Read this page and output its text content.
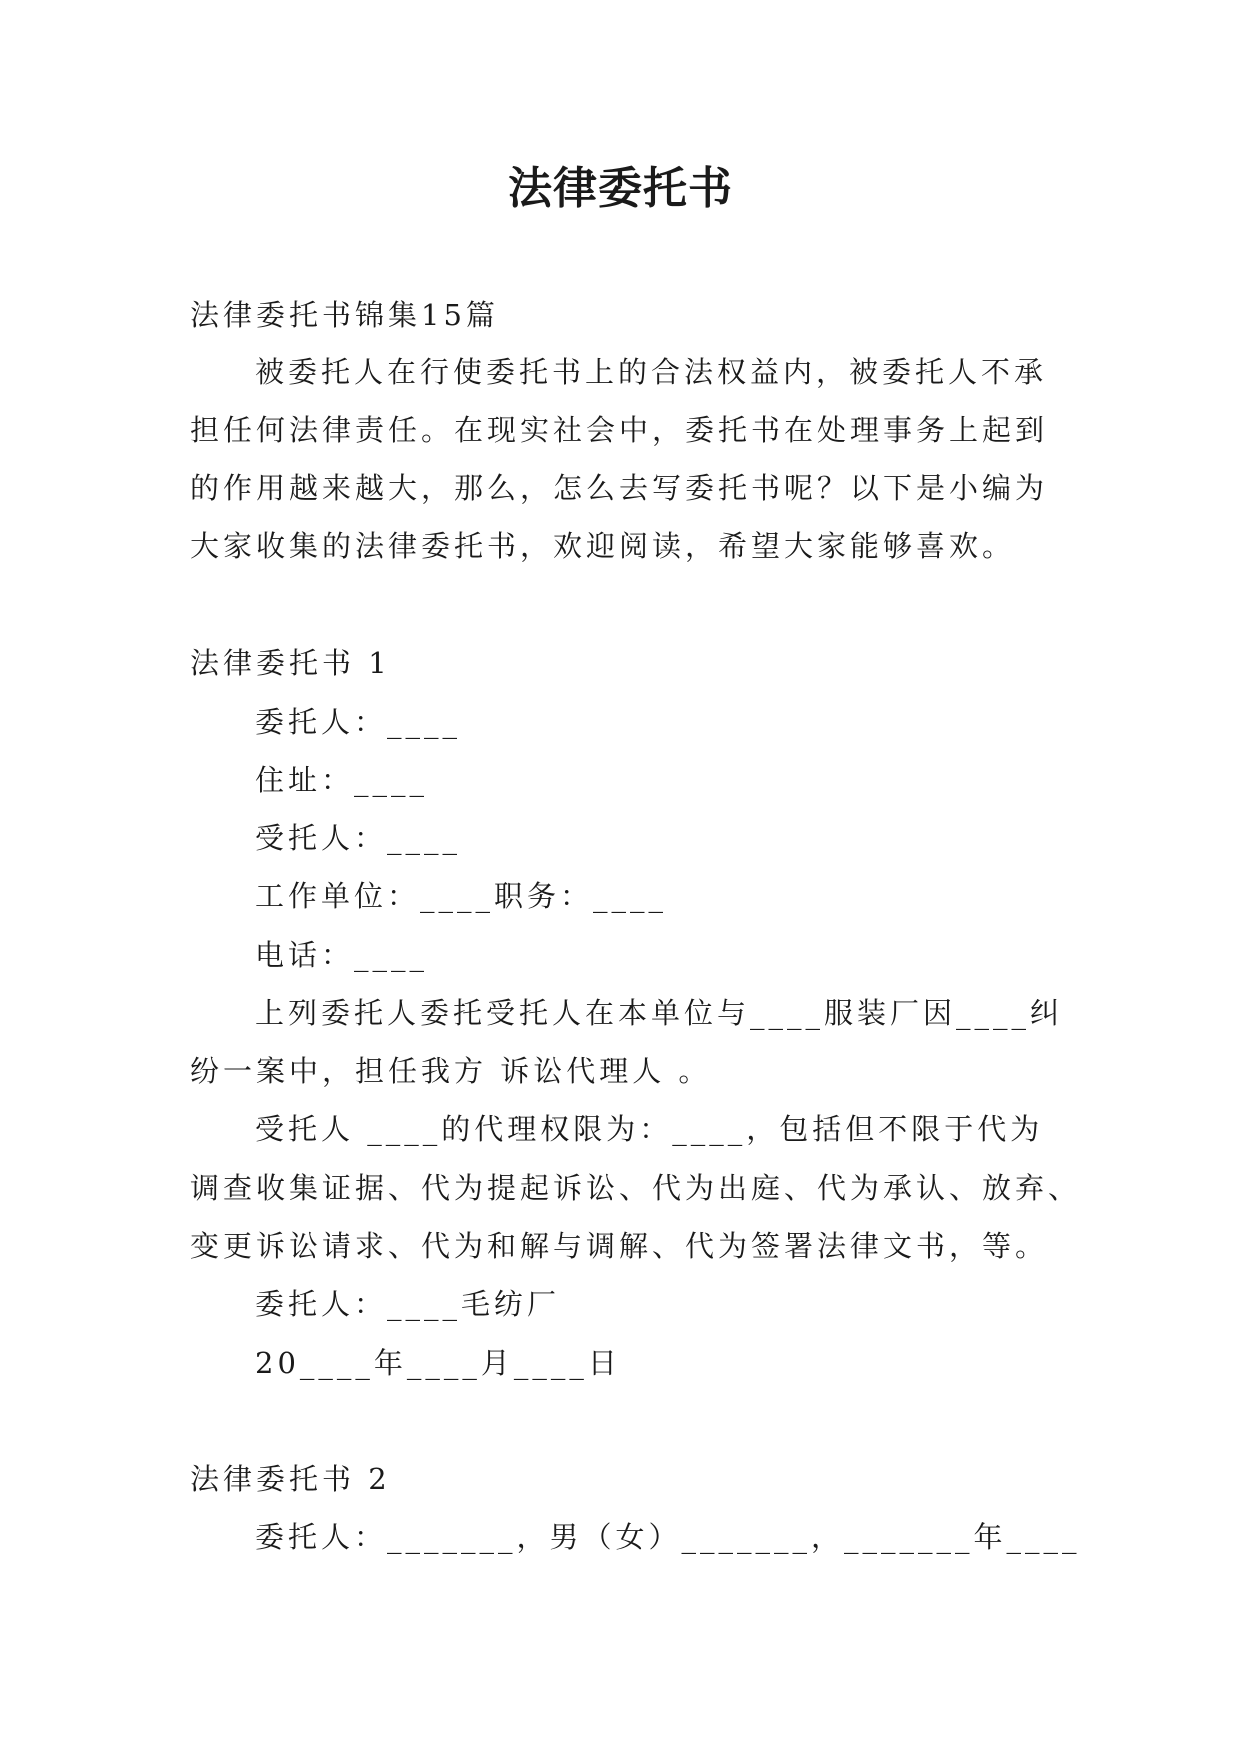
法律委托书
法律委托书锦集15篇
被委托人在行使委托书上的合法权益内，被委托人不承
担任何法律责任。在现实社会中，委托书在处理事务上起到
的作用越来越大，那么，怎么去写委托书呢？以下是小编为
大家收集的法律委托书，欢迎阅读，希望大家能够喜欢。
法律委托书 1
委托人：____
住址：____
受托人：____
工作单位：____职务：____
电话：____
上列委托人委托受托人在本单位与____服装厂因____纠
纷一案中，担任我方 诉讼代理人 。
受托人 ____的代理权限为：____，包括但不限于代为
调查收集证据、代为提起诉讼、代为出庭、代为承认、放弃、
变更诉讼请求、代为和解与调解、代为签署法律文书，等。
委托人：____毛纺厂
20____年____月____日
法律委托书 2
委托人：_______，男（女）_______，_______年____
